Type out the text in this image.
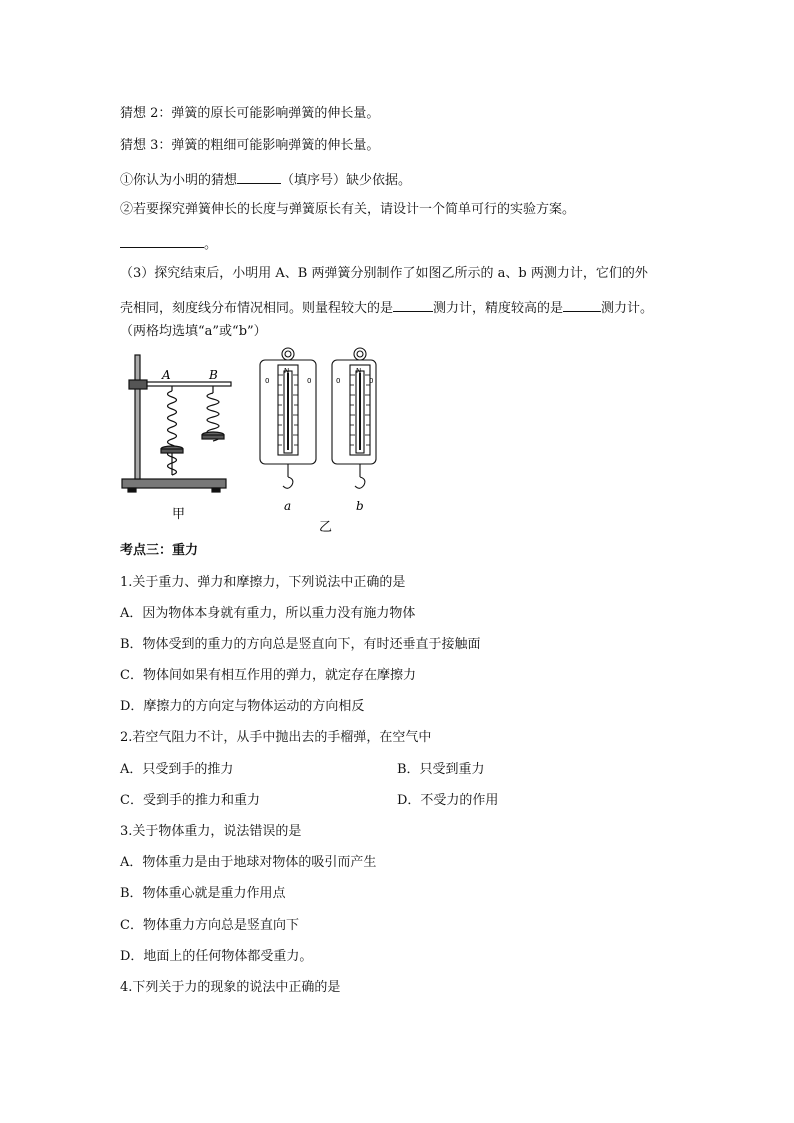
猜想 2：弹簧的原长可能影响弹簧的伸长量。
猜想 3：弹簧的粗细可能影响弹簧的伸长量。
①你认为小明的猜想	（填序号）缺少依据。
②若要探究弹簧伸长的长度与弹簧原长有关，请设计一个简单可行的实验方案。
。
（3）探究结束后，小明用 A、B 两弹簧分别制作了如图乙所示的 a、b 两测力计，它们的外
壳相同，刻度线分布情况相同。则量程较大的是	测力计，精度较高的是	测力计。
（两格均选填“a”或“b”）
A	B
甲
N
0	0
a
N
0	0
b
乙
考点三：重力
1.关于重力、弹力和摩擦力，下列说法中正确的是
A．因为物体本身就有重力，所以重力没有施力物体
B．物体受到的重力的方向总是竖直向下，有时还垂直于接触面
C．物体间如果有相互作用的弹力，就定存在摩擦力
D．摩擦力的方向定与物体运动的方向相反
2.若空气阻力不计，从手中抛出去的手榴弹，在空气中
A．只受到手的推力	B．只受到重力
C．受到手的推力和重力	D．不受力的作用
3.关于物体重力，说法错误的是
A．物体重力是由于地球对物体的吸引而产生
B．物体重心就是重力作用点
C．物体重力方向总是竖直向下
D．地面上的任何物体都受重力。
4.下列关于力的现象的说法中正确的是
